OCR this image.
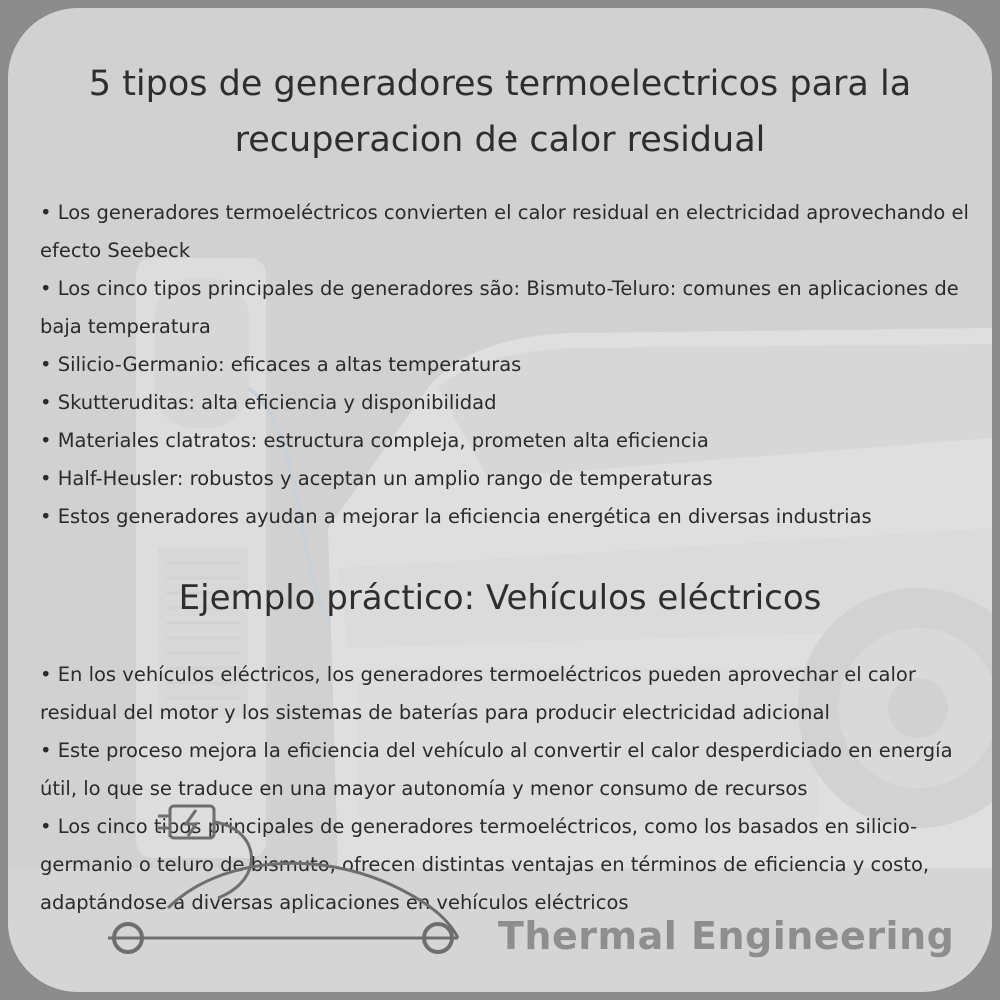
5 tipos de generadores termoelectricos para la recuperacion de calor residual
• Los generadores termoeléctricos convierten el calor residual en electricidad aprovechando el efecto Seebeck
• Los cinco tipos principales de generadores são: Bismuto-Teluro: comunes en aplicaciones de baja temperatura
• Silicio-Germanio: eficaces a altas temperaturas
• Skutteruditas: alta eficiencia y disponibilidad
• Materiales clatratos: estructura compleja, prometen alta eficiencia
• Half-Heusler: robustos y aceptan un amplio rango de temperaturas
• Estos generadores ayudan a mejorar la eficiencia energética en diversas industrias
Ejemplo práctico: Vehículos eléctricos
• En los vehículos eléctricos, los generadores termoeléctricos pueden aprovechar el calor residual del motor y los sistemas de baterías para producir electricidad adicional
• Este proceso mejora la eficiencia del vehículo al convertir el calor desperdiciado en energía útil, lo que se traduce en una mayor autonomía y menor consumo de recursos
• Los cinco tipos principales de generadores termoeléctricos, como los basados en silicio-germanio o teluro de bismuto, ofrecen distintas ventajas en términos de eficiencia y costo, adaptándose a diversas aplicaciones en vehículos eléctricos
Thermal Engineering
